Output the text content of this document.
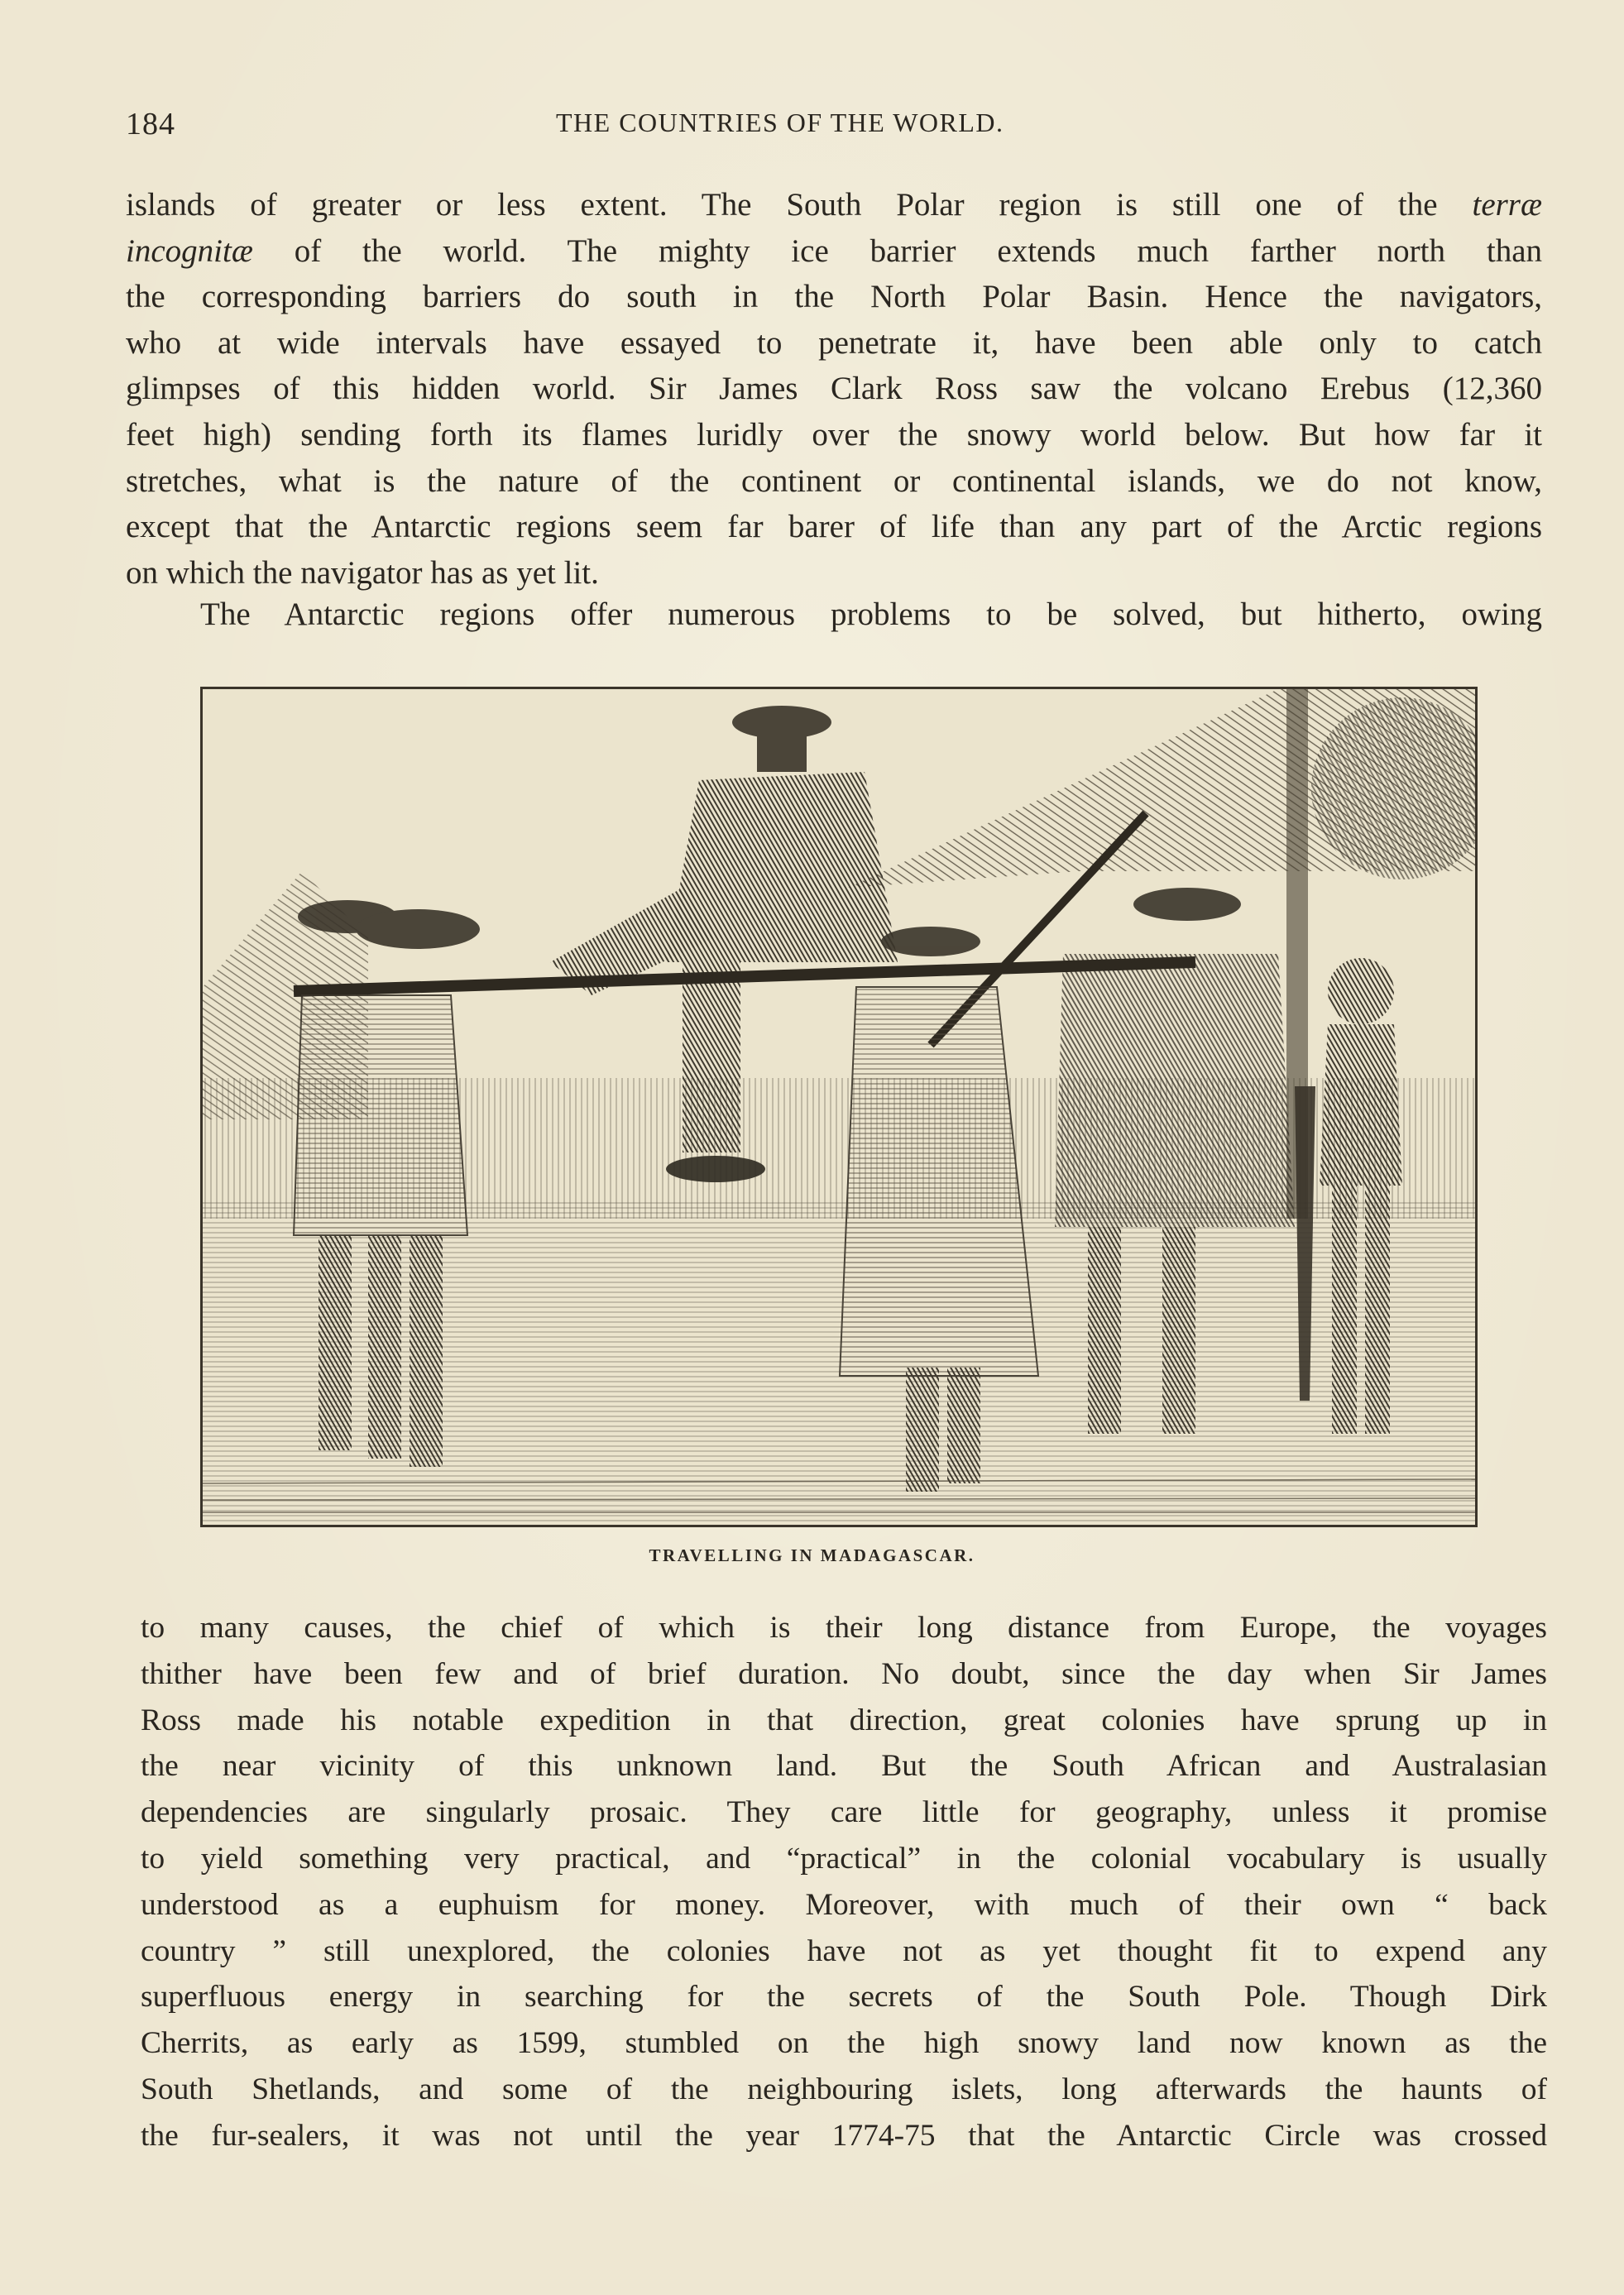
184	THE COUNTRIES OF THE WORLD.
islands of greater or less extent. The South Polar region is still one of the terræ
incognitæ of the world. The mighty ice barrier extends much farther north than
the corresponding barriers do south in the North Polar Basin. Hence the navigators,
who at wide intervals have essayed to penetrate it, have been able only to catch
glimpses of this hidden world. Sir James Clark Ross saw the volcano Erebus (12,360
feet high) sending forth its flames luridly over the snowy world below. But how far it
stretches, what is the nature of the continent or continental islands, we do not know,
except that the Antarctic regions seem far barer of life than any part of the Arctic regions
on which the navigator has as yet lit.
The Antarctic regions offer numerous problems to be solved, but hitherto, owing
TRAVELLING IN MADAGASCAR.
to many causes, the chief of which is their long distance from Europe, the voyages
thither have been few and of brief duration. No doubt, since the day when Sir James
Ross made his notable expedition in that direction, great colonies have sprung up in
the near vicinity of this unknown land. But the South African and Australasian
dependencies are singularly prosaic. They care little for geography, unless it promise
to yield something very practical, and “practical” in the colonial vocabulary is usually
understood as a euphuism for money. Moreover, with much of their own “ back
country ” still unexplored, the colonies have not as yet thought fit to expend any
superfluous energy in searching for the secrets of the South Pole. Though Dirk
Cherrits, as early as 1599, stumbled on the high snowy land now known as the
South Shetlands, and some of the neighbouring islets, long afterwards the haunts of
the fur-sealers, it was not until the year 1774-75 that the Antarctic Circle was crossed
